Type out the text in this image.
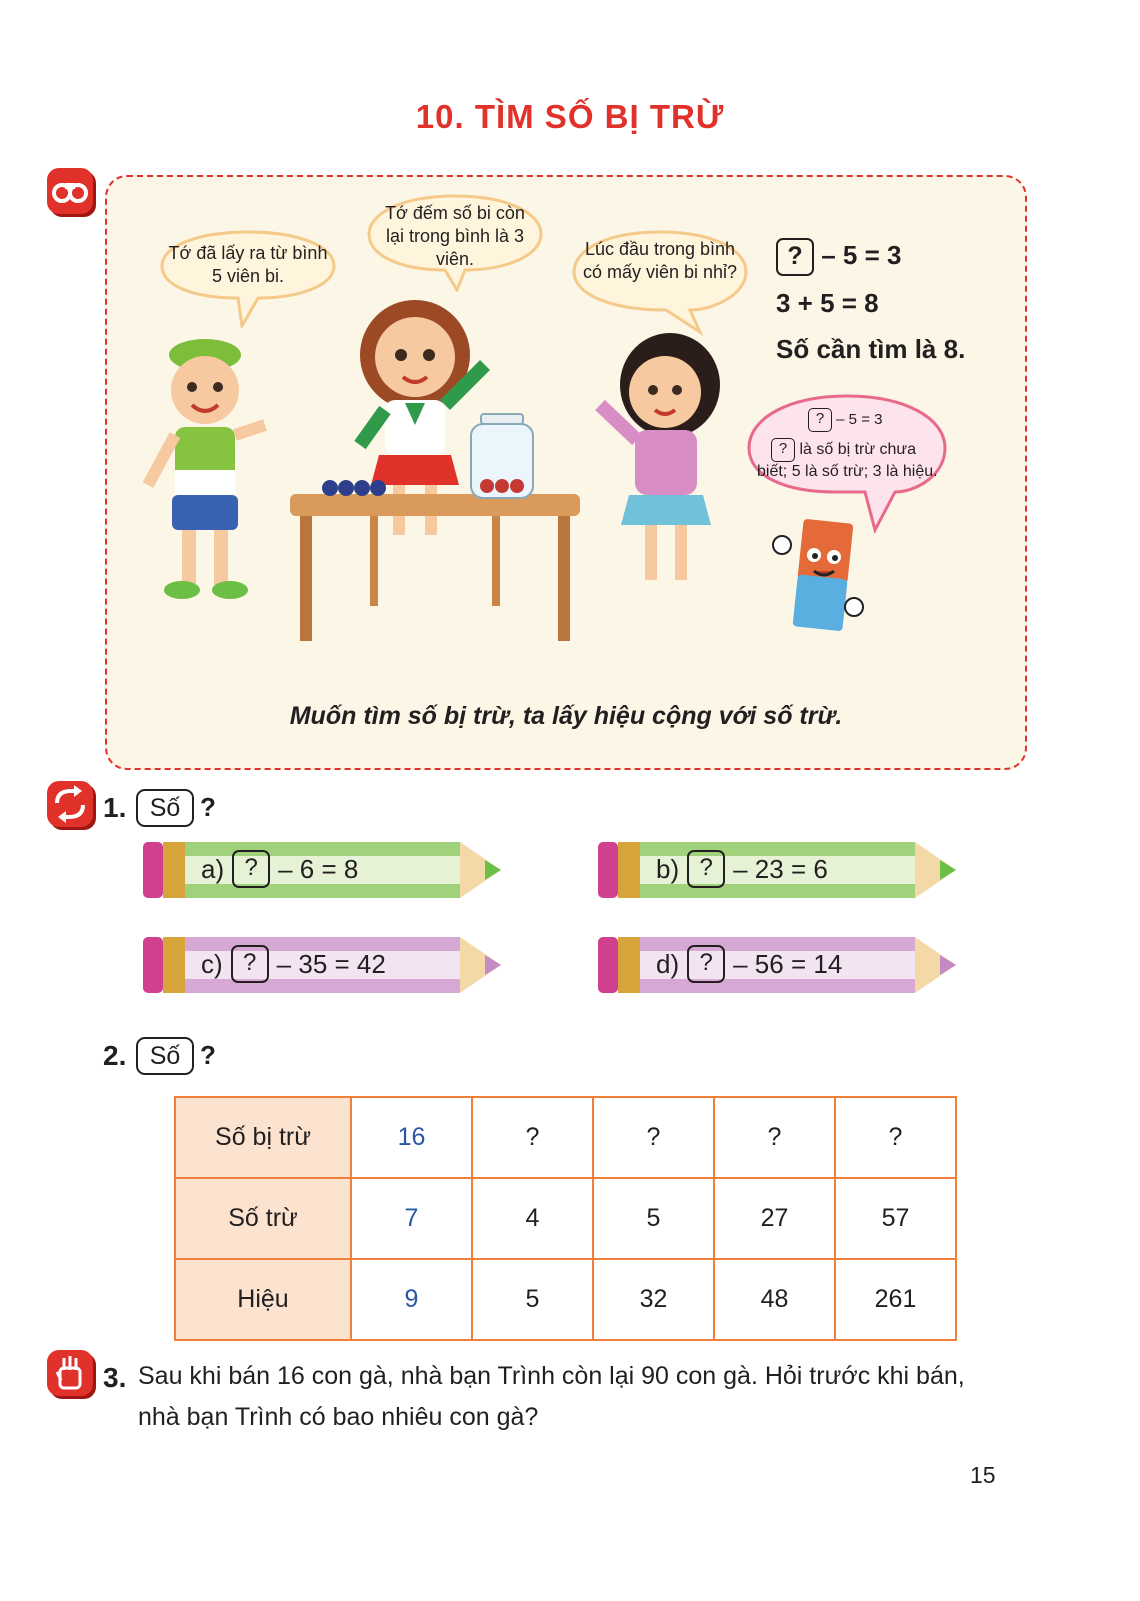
10. TÌM SỐ BỊ TRỪ
Tớ đã lấy ra từ bình 5 viên bi.
Tớ đếm số bi còn lại trong bình là 3 viên.	Lúc đầu trong bình có mấy viên bi nhỉ?
? – 5 = 3
3 + 5 = 8
Số cần tìm là 8.
? – 5 = 3
? là số bị trừ chưa
biết; 5 là số trừ; 3 là hiệu.
Muốn tìm số bị trừ, ta lấy hiệu cộng với số trừ.
1. Số ?
a) ? – 6 = 8	b) ? – 23 = 6
c) ? – 35 = 42	d) ? – 56 = 14
2. Số ?
Số bị trừ	16	?	?	?	?
Số trừ	7	4	5	27	57
Hiệu	9	5	32	48	261
3. Sau khi bán 16 con gà, nhà bạn Trình còn lại 90 con gà. Hỏi trước khi bán,
nhà bạn Trình có bao nhiêu con gà?
15
